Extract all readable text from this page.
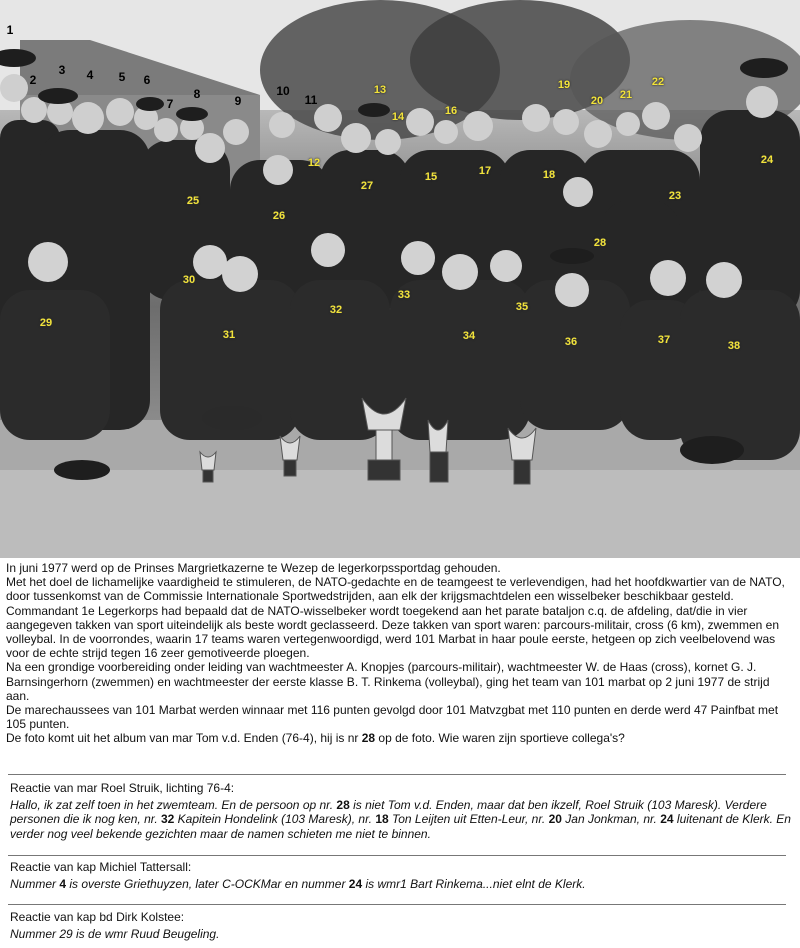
1
2
3 4 5 6
7
8	9
10
11
12
13
14
15
16
17	18
19
20 21
22
23
24
25
26
27
28
29
30
31
32
33
34
35
36	37	38

In juni 1977 werd op de Prinses Margrietkazerne te Wezep de legerkorpssportdag gehouden.

Met het doel de lichamelijke vaardigheid te stimuleren, de NATO-gedachte en de teamgeest te verlevendigen, had het hoofdkwartier van de NATO, door tussenkomst van de Commissie Internationale Sportwedstrijden, aan elk der krijgsmachtdelen een wisselbeker beschikbaar gesteld. Commandant 1e Legerkorps had bepaald dat de NATO-wisselbeker wordt toegekend aan het parate bataljon c.q. de afdeling, dat/die in vier aangegeven takken van sport uiteindelijk als beste wordt geclasseerd. Deze takken van sport waren: parcours-militair, cross (6 km), zwemmen en volleybal. In de voorrondes, waarin 17 teams waren vertegenwoordigd, werd 101 Marbat in haar poule eerste, hetgeen op zich veelbelovend was voor de echte strijd tegen 16 zeer gemotiveerde ploegen.

Na een grondige voorbereiding onder leiding van wachtmeester A. Knopjes (parcours-militair), wachtmeester W. de Haas (cross), kornet G. J. Barnsingerhorn (zwemmen) en wachtmeester der eerste klasse B. T. Rinkema (volleybal), ging het team van 101 marbat op 2 juni 1977 de strijd aan.

De marechaussees van 101 Marbat werden winnaar met 116 punten gevolgd door 101 Matvzgbat met 110 punten en derde werd 47 Painfbat met 105 punten.

De foto komt uit het album van mar Tom v.d. Enden (76-4), hij is nr 28 op de foto. Wie waren zijn sportieve collega's?

Reactie van mar Roel Struik, lichting 76-4:

Hallo, ik zat zelf toen in het zwemteam. En de persoon op nr. 28 is niet Tom v.d. Enden, maar dat ben ikzelf, Roel Struik (103 Maresk). Verdere personen die ik nog ken, nr. 32 Kapitein Hondelink (103 Maresk), nr. 18 Ton Leijten uit Etten-Leur, nr. 20 Jan Jonkman, nr. 24 luitenant de Klerk. En verder nog veel bekende gezichten maar de namen schieten me niet te binnen.

Reactie van kap Michiel Tattersall:

Nummer 4 is overste Griethuyzen, later C-OCKMar en nummer 24 is wmr1 Bart Rinkema...niet elnt de Klerk.

Reactie van kap bd Dirk Kolstee:

Nummer 29 is de wmr Ruud Beugeling.
